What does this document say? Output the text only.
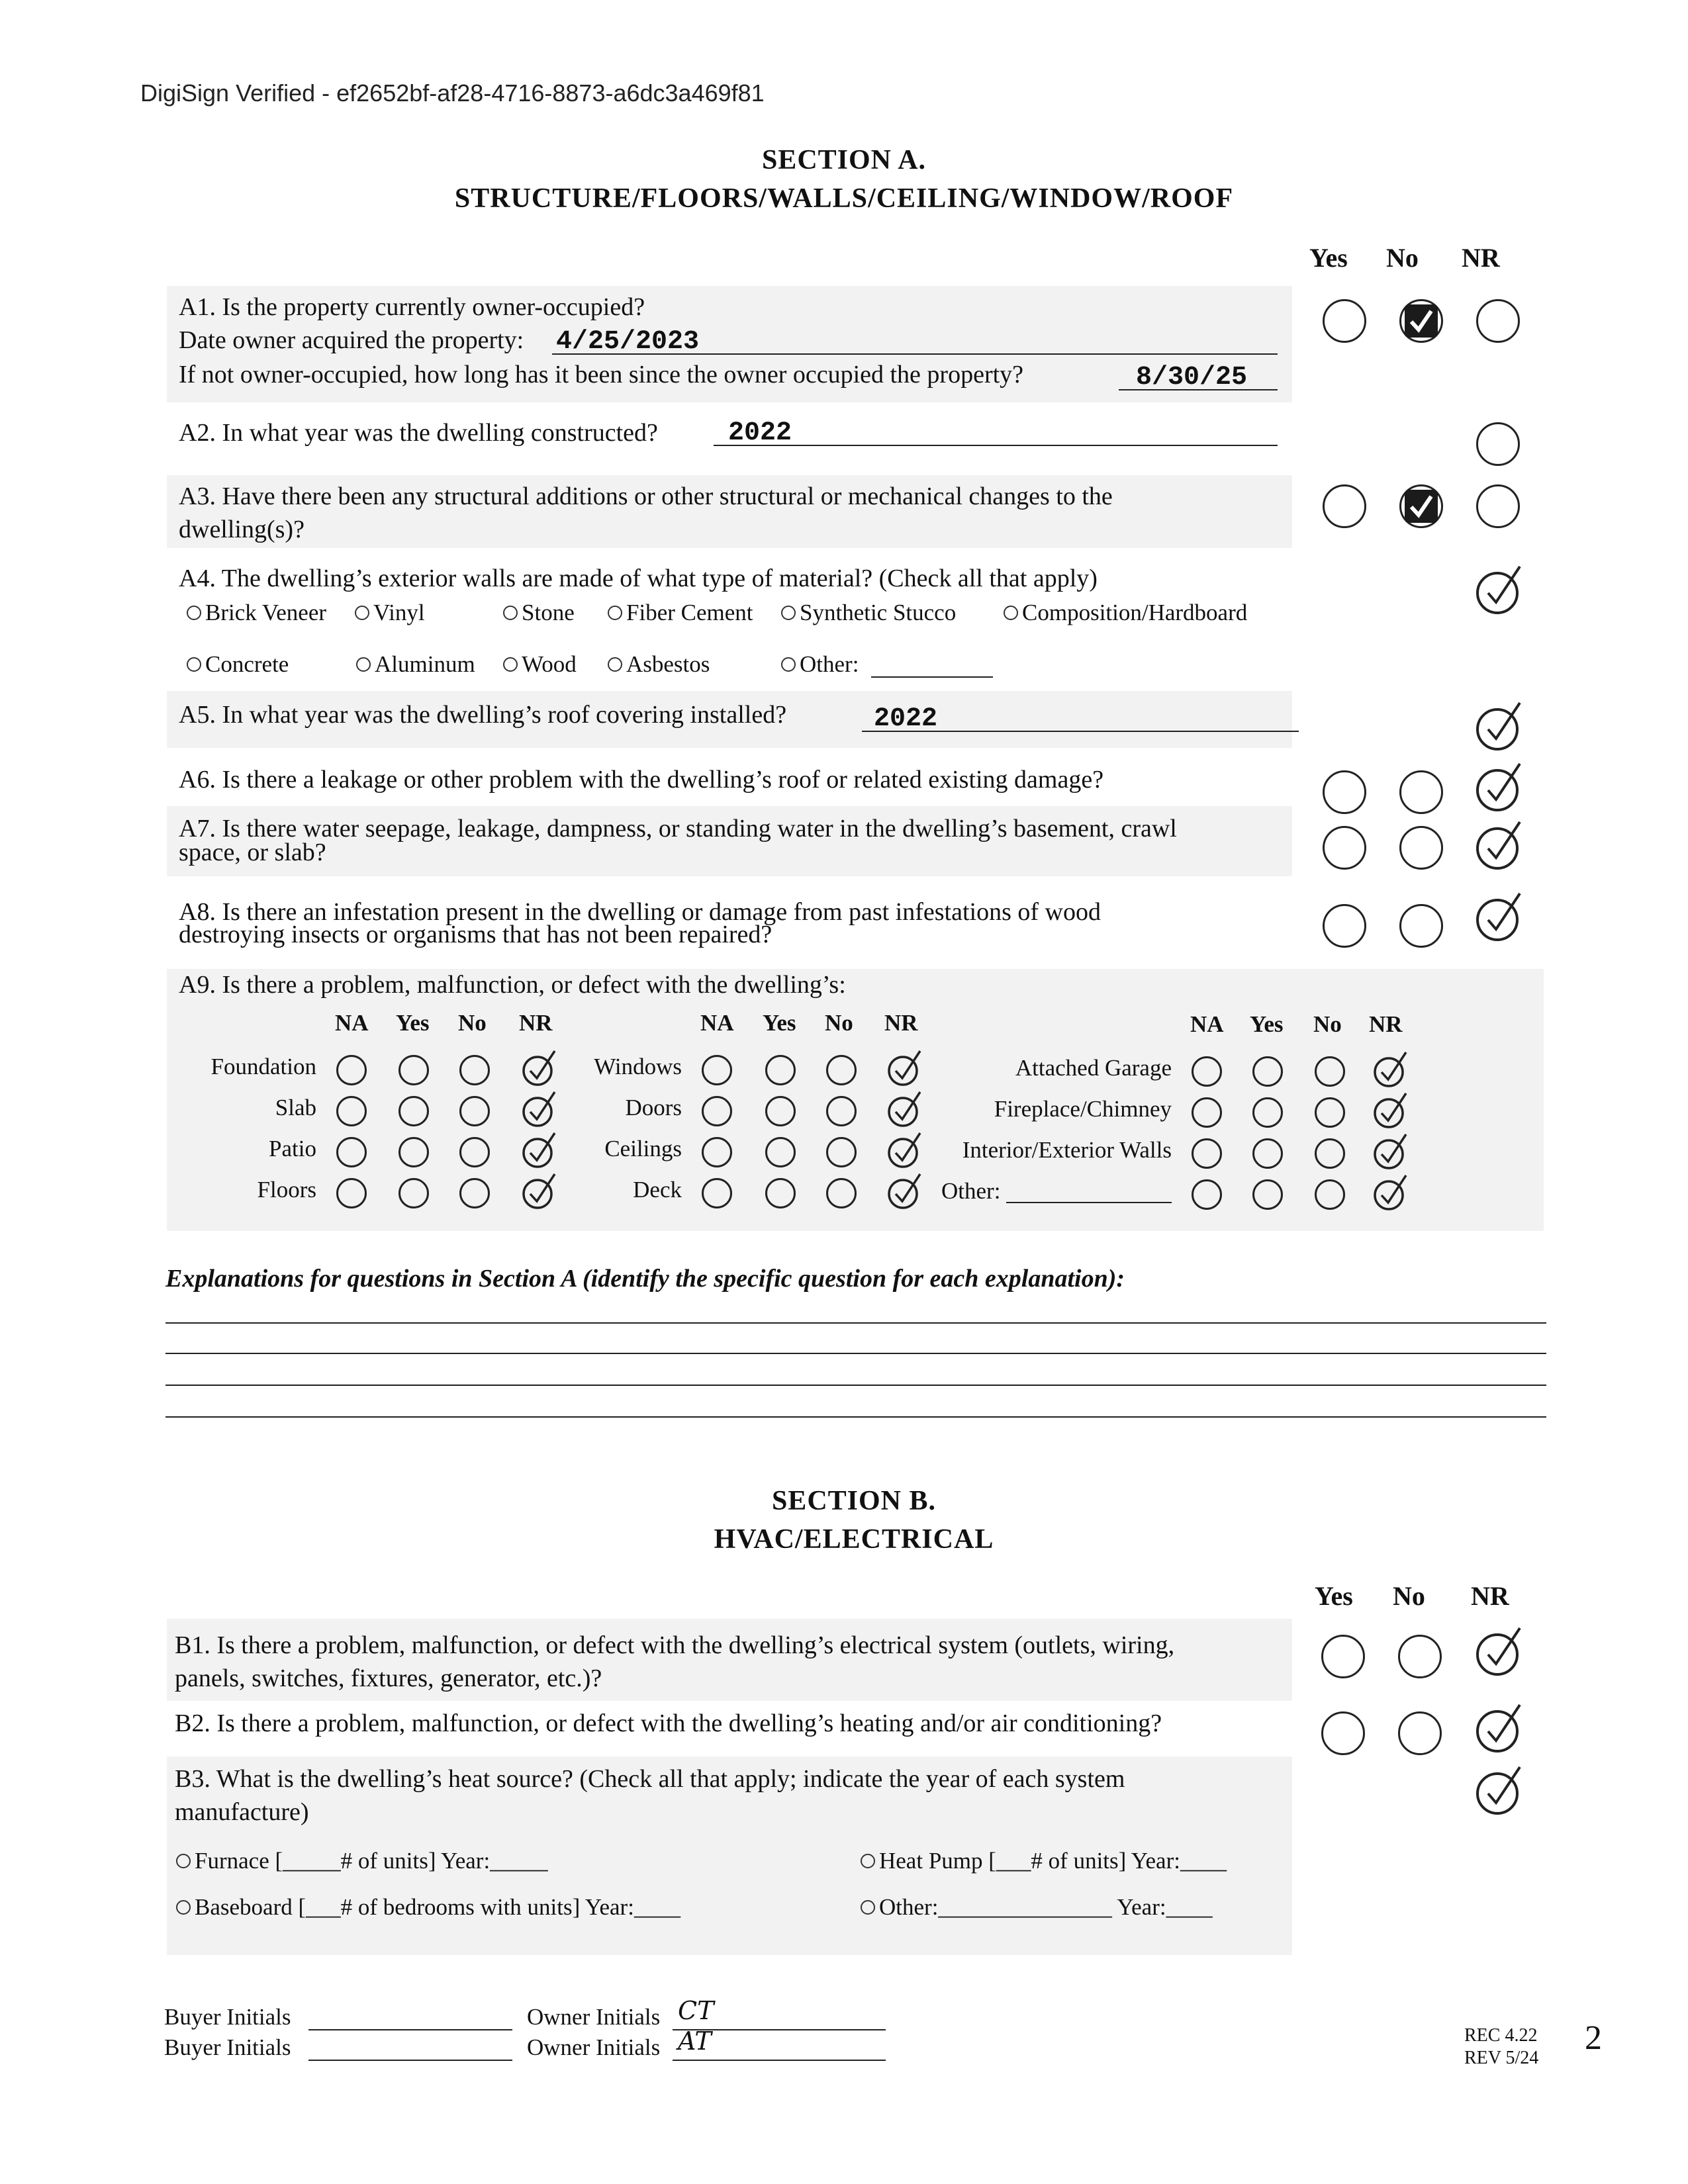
DigiSign Verified - ef2652bf-af28-4716-8873-a6dc3a469f81
SECTION A.
STRUCTURE/FLOORS/WALLS/CEILING/WINDOW/ROOF
Yes No NR
A1. Is the property currently owner-occupied?
Date owner acquired the property: 4/25/2023
If not owner-occupied, how long has it been since the owner occupied the property?	8/30/25
A2. In what year was the dwelling constructed?	2022
A3. Have there been any structural additions or other structural or mechanical changes to the
dwelling(s)?
A4. The dwelling’s exterior walls are made of what type of material? (Check all that apply)
Brick Veneer	Vinyl	Stone	Fiber Cement	Synthetic Stucco	Composition/Hardboard
Concrete	Aluminum	Wood	Asbestos	Other:
A5. In what year was the dwelling’s roof covering installed?	2022
A6. Is there a leakage or other problem with the dwelling’s roof or related existing damage?
A7. Is there water seepage, leakage, dampness, or standing water in the dwelling’s basement, crawl
space, or slab?
A8. Is there an infestation present in the dwelling or damage from past infestations of wood
destroying insects or organisms that has not been repaired?
A9. Is there a problem, malfunction, or defect with the dwelling’s:
NA Yes No NR	NA Yes No NR	NA Yes No NR
Foundation
Slab
Patio
Floors
Windows
Doors
Ceilings
Deck
Attached Garage
Fireplace/Chimney
Interior/Exterior Walls
Other:
Explanations for questions in Section A (identify the specific question for each explanation):
SECTION B.
HVAC/ELECTRICAL
Yes No NR
B1. Is there a problem, malfunction, or defect with the dwelling’s electrical system (outlets, wiring,
panels, switches, fixtures, generator, etc.)?
B2. Is there a problem, malfunction, or defect with the dwelling’s heating and/or air conditioning?
B3. What is the dwelling’s heat source? (Check all that apply; indicate the year of each system
manufacture)
Furnace [_____# of units] Year:_____	Heat Pump [___# of units] Year:____
Baseboard [___# of bedrooms with units] Year:____	Other:_______________ Year:____
Buyer Initials	Owner Initials CT
Buyer Initials	Owner Initials AT	REC 4.22
REV 5/24
2
